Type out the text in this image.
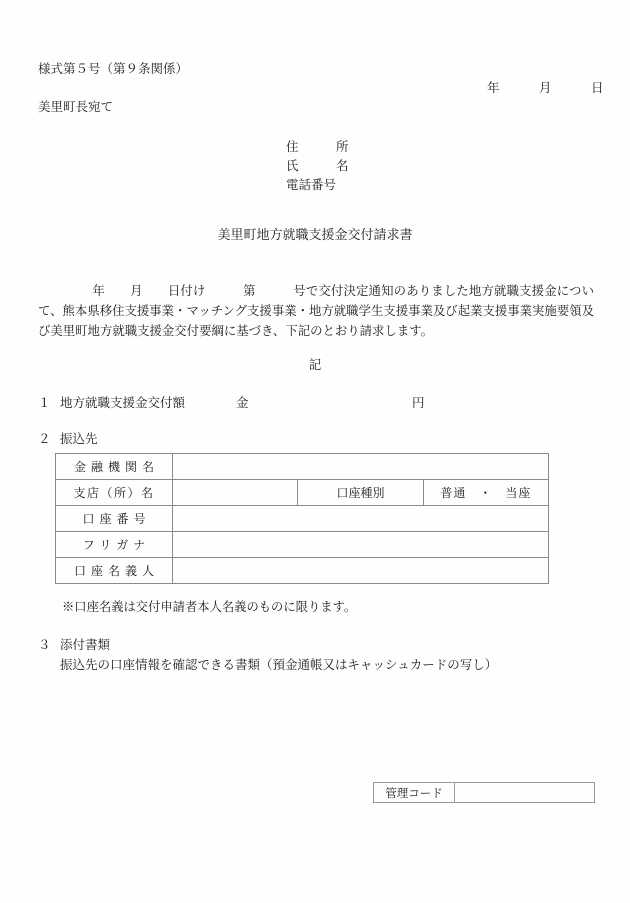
様式第５号（第９条関係）
年　　　月　　　日
美里町長宛て
住　　　所
氏　　　名
電話番号
美里町地方就職支援金交付請求書
　年　　月　　日付け　　　第　　　号で交付決定通知のありました地方就職支援金について、熊本県移住支援事業・マッチング支援事業・地方就職学生支援事業及び起業支援事業実施要領及び美里町地方就職支援金交付要綱に基づき、下記のとおり請求します。
記
１ 地方就職支援金交付額	金	円
２ 振込先
金融機関名			
支店（所）名		口座種別	普通　・　当座
口座番号			
フリガナ			
口座名義人			
※口座名義は交付申請者本人名義のものに限ります。
３ 添付書類
振込先の口座情報を確認できる書類（預金通帳又はキャッシュカードの写し）
管理コード	
